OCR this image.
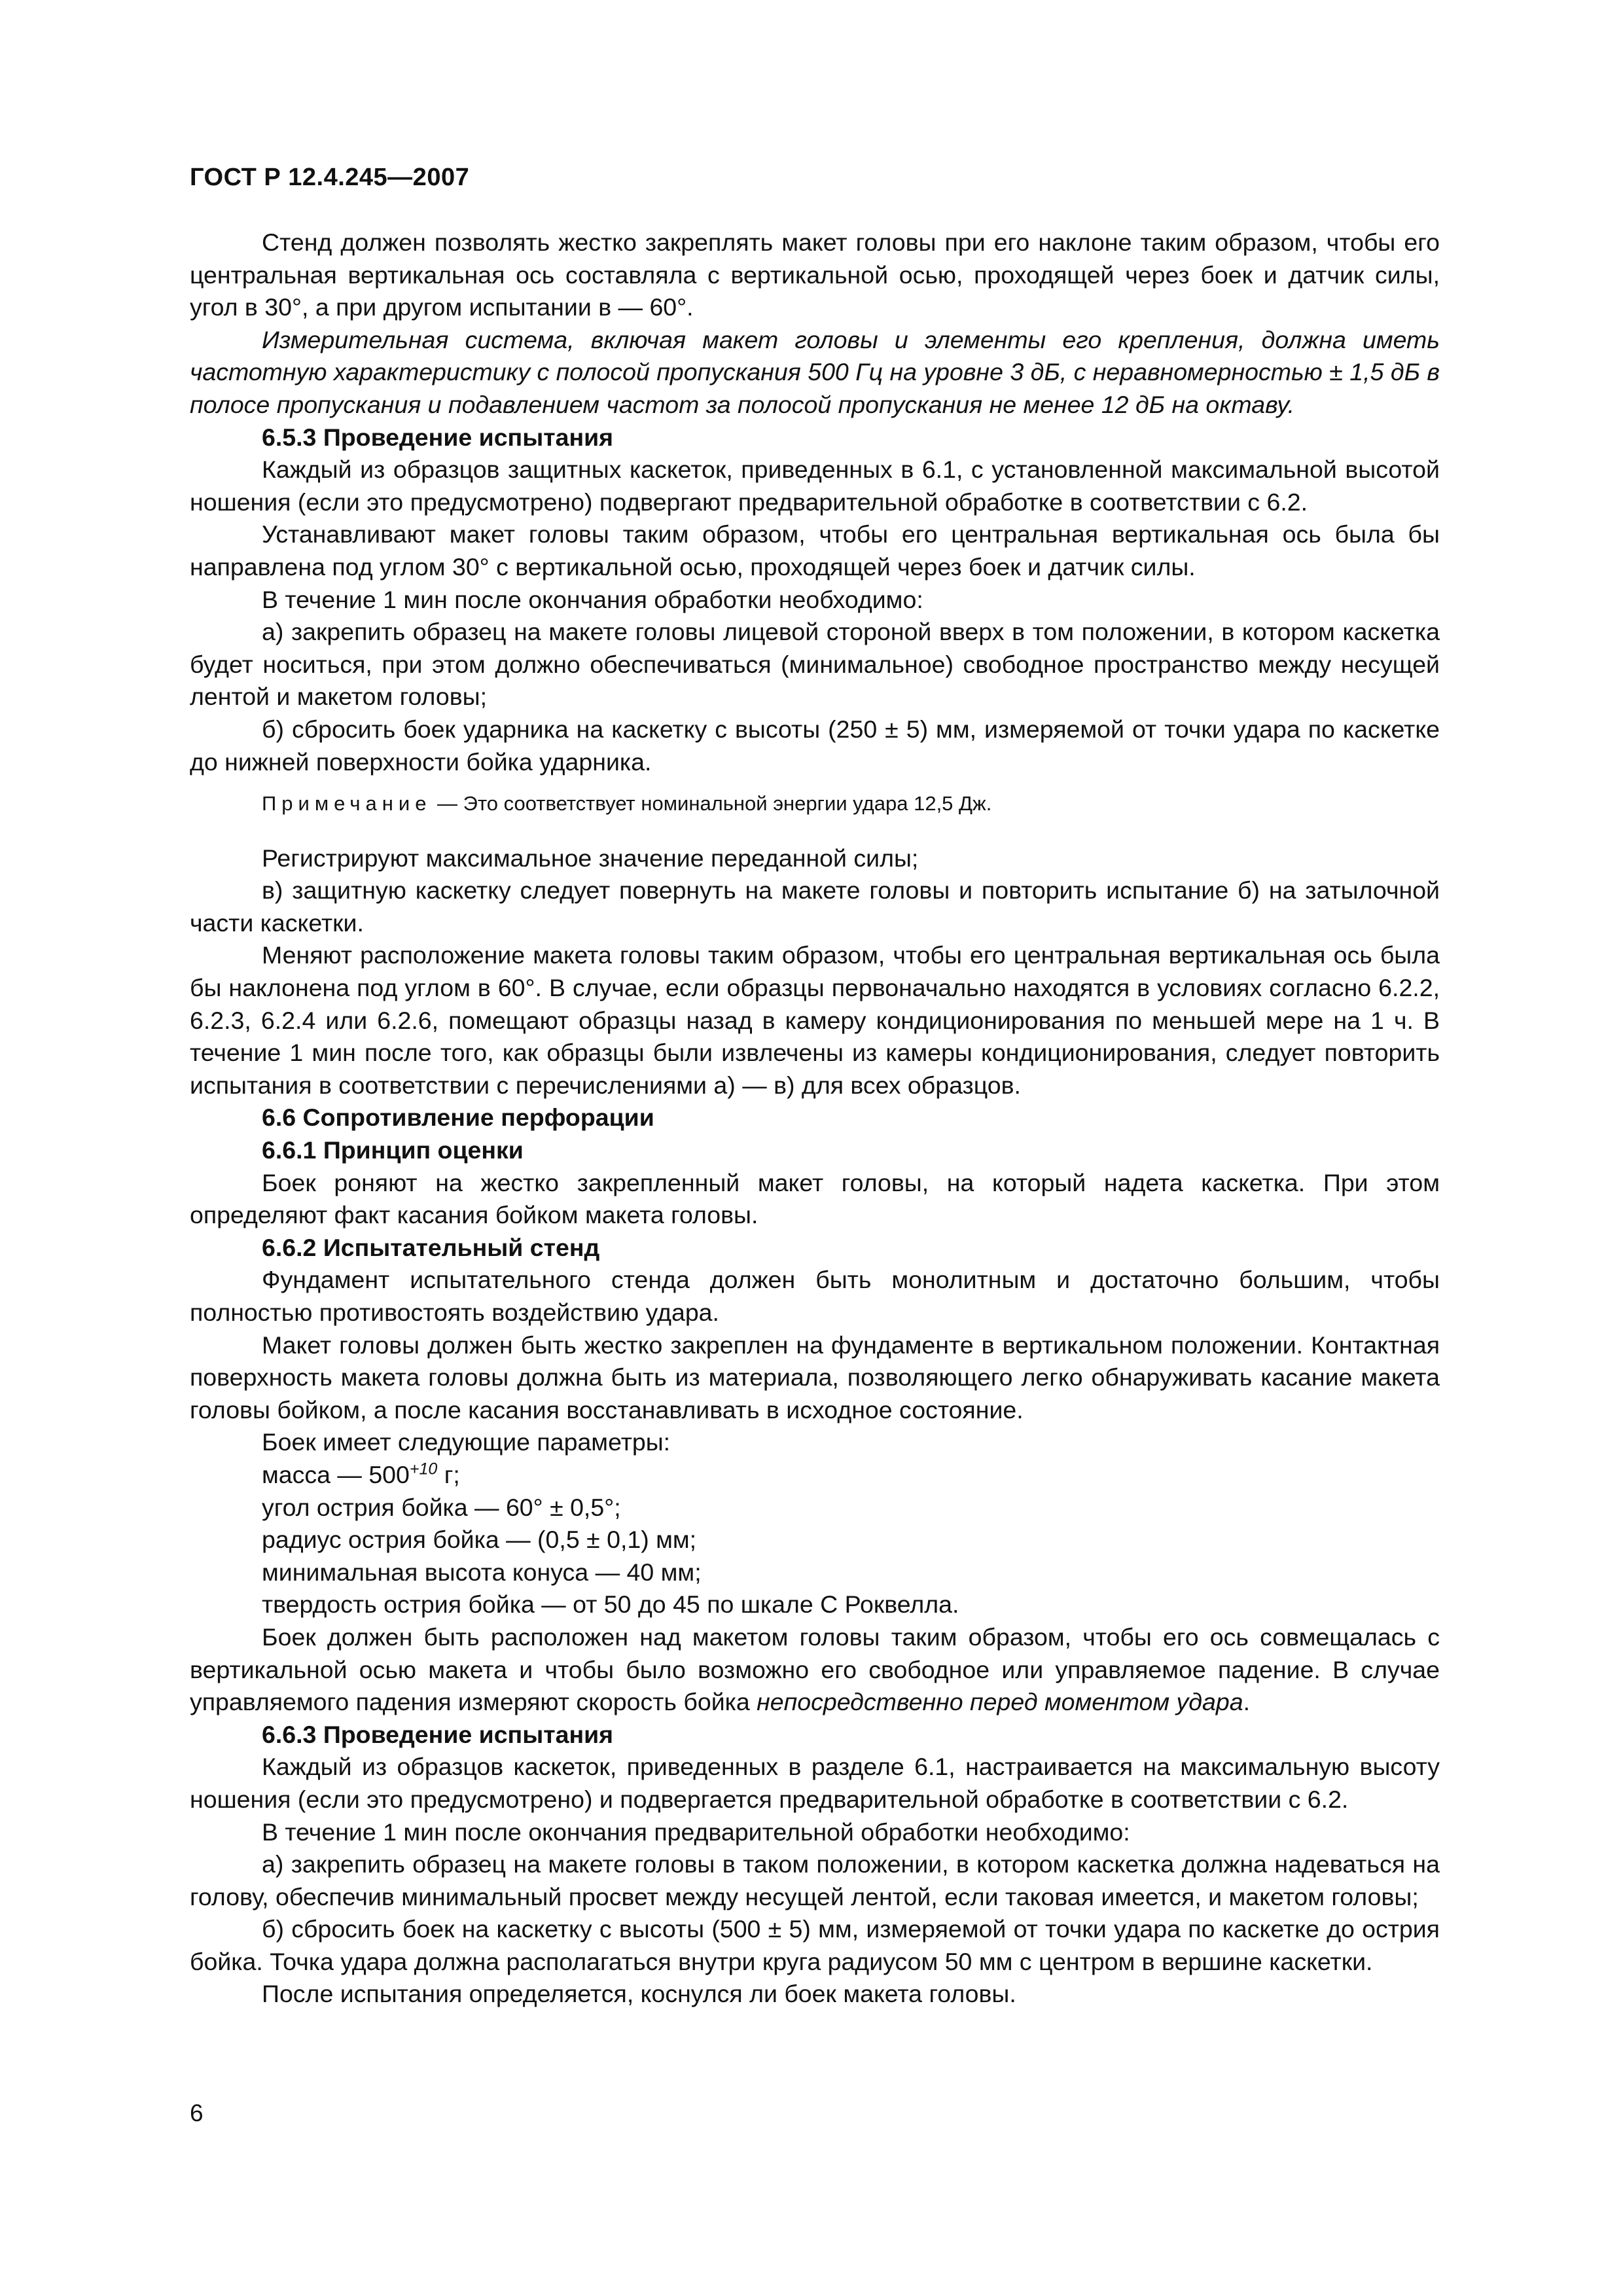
ГОСТ Р 12.4.245—2007

Стенд должен позволять жестко закреплять макет головы при его наклоне таким образом, чтобы его центральная вертикальная ось составляла с вертикальной осью, проходящей через боек и датчик силы, угол в 30°, а при другом испытании в — 60°.

Измерительная система, включая макет головы и элементы его крепления, должна иметь частотную характеристику с полосой пропускания 500 Гц на уровне 3 дБ, с неравномерностью ± 1,5 дБ в полосе пропускания и подавлением частот за полосой пропускания не менее 12 дБ на октаву.

6.5.3 Проведение испытания

Каждый из образцов защитных каскеток, приведенных в 6.1, с установленной максимальной высотой ношения (если это предусмотрено) подвергают предварительной обработке в соответствии с 6.2.

Устанавливают макет головы таким образом, чтобы его центральная вертикальная ось была бы направлена под углом 30° с вертикальной осью, проходящей через боек и датчик силы.

В течение 1 мин после окончания обработки необходимо:

а) закрепить образец на макете головы лицевой стороной вверх в том положении, в котором каскетка будет носиться, при этом должно обеспечиваться (минимальное) свободное пространство между несущей лентой и макетом головы;

б) сбросить боек ударника на каскетку с высоты (250 ± 5) мм, измеряемой от точки удара по каскетке до нижней поверхности бойка ударника.

Примечание — Это соответствует номинальной энергии удара 12,5 Дж.

Регистрируют максимальное значение переданной силы;

в) защитную каскетку следует повернуть на макете головы и повторить испытание б) на затылочной части каскетки.

Меняют расположение макета головы таким образом, чтобы его центральная вертикальная ось была бы наклонена под углом в 60°. В случае, если образцы первоначально находятся в условиях согласно 6.2.2, 6.2.3, 6.2.4 или 6.2.6, помещают образцы назад в камеру кондиционирования по меньшей мере на 1 ч. В течение 1 мин после того, как образцы были извлечены из камеры кондиционирования, следует повторить испытания в соответствии с перечислениями а) — в) для всех образцов.

6.6 Сопротивление перфорации

6.6.1 Принцип оценки

Боек роняют на жестко закрепленный макет головы, на который надета каскетка. При этом определяют факт касания бойком макета головы.

6.6.2 Испытательный стенд

Фундамент испытательного стенда должен быть монолитным и достаточно большим, чтобы полностью противостоять воздействию удара.

Макет головы должен быть жестко закреплен на фундаменте в вертикальном положении. Контактная поверхность макета головы должна быть из материала, позволяющего легко обнаруживать касание макета головы бойком, а после касания восстанавливать в исходное состояние.

Боек имеет следующие параметры:

масса — $500^{+10}$ г;

угол острия бойка — 60° ± 0,5°;

радиус острия бойка — (0,5 ± 0,1) мм;

минимальная высота конуса — 40 мм;

твердость острия бойка — от 50 до 45 по шкале С Роквелла.

Боек должен быть расположен над макетом головы таким образом, чтобы его ось совмещалась с вертикальной осью макета и чтобы было возможно его свободное или управляемое падение. В случае управляемого падения измеряют скорость бойка непосредственно перед моментом удара.

6.6.3 Проведение испытания

Каждый из образцов каскеток, приведенных в разделе 6.1, настраивается на максимальную высоту ношения (если это предусмотрено) и подвергается предварительной обработке в соответствии с 6.2.

В течение 1 мин после окончания предварительной обработки необходимо:

а) закрепить образец на макете головы в таком положении, в котором каскетка должна надеваться на голову, обеспечив минимальный просвет между несущей лентой, если таковая имеется, и макетом головы;

б) сбросить боек на каскетку с высоты (500 ± 5) мм, измеряемой от точки удара по каскетке до острия бойка. Точка удара должна располагаться внутри круга радиусом 50 мм с центром в вершине каскетки.

После испытания определяется, коснулся ли боек макета головы.

6
